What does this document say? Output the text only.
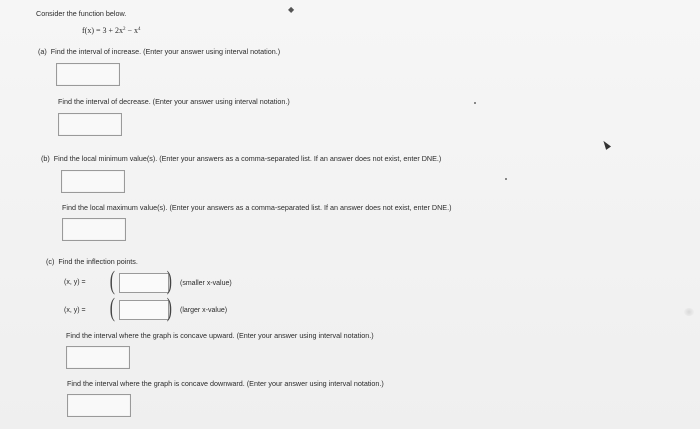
Consider the function below.
$f(x) = 3 + 2x^2 - x^4$
◆
(a) Find the interval of increase. (Enter your answer using interval notation.)
Find the interval of decrease. (Enter your answer using interval notation.)
(b) Find the local minimum value(s). (Enter your answers as a comma-separated list. If an answer does not exist, enter DNE.)
Find the local maximum value(s). (Enter your answers as a comma-separated list. If an answer does not exist, enter DNE.)
(c) Find the inflection points.
(x, y) = ( ) (smaller x-value)
(x, y) = ( ) (larger x-value)
Find the interval where the graph is concave upward. (Enter your answer using interval notation.)
Find the interval where the graph is concave downward. (Enter your answer using interval notation.)
